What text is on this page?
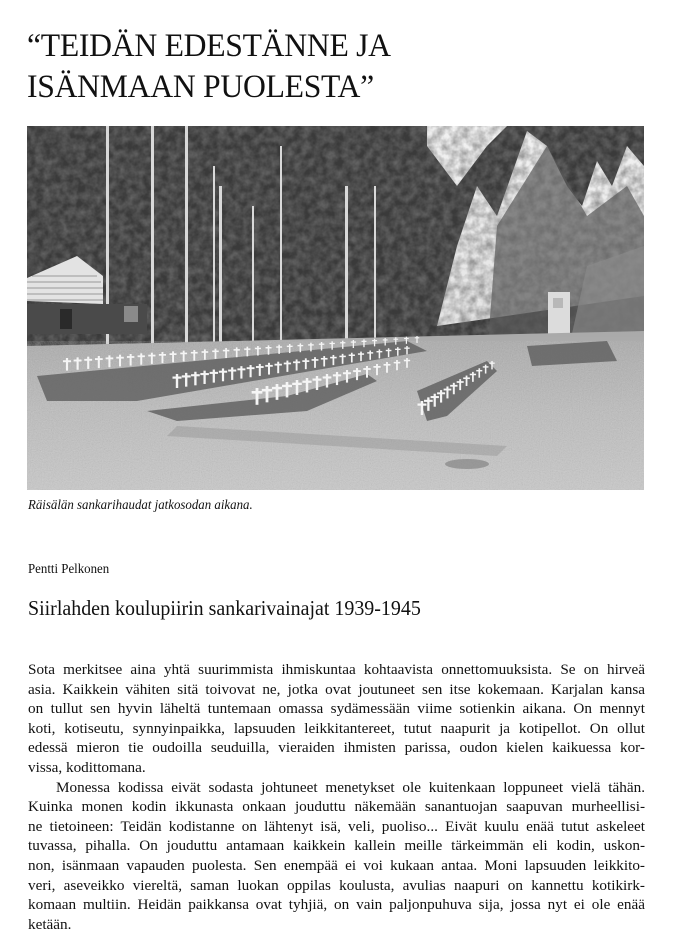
“TEIDÄN EDESTÄNNE JA
ISÄNMAAN PUOLESTA”

Räisälän sankarihaudat jatkosodan aikana.

Pentti Pelkonen

Siirlahden koulupiirin sankarivainajat 1939-1945

Sota merkitsee aina yhtä suurimmista ihmiskuntaa kohtaavista onnettomuuksista. Se on hirveä
asia. Kaikkein vähiten sitä toivovat ne, jotka ovat joutuneet sen itse kokemaan. Karjalan kansa
on tullut sen hyvin läheltä tuntemaan omassa sydämessään viime sotienkin aikana. On mennyt
koti, kotiseutu, synnyinpaikka, lapsuuden leikkitantereet, tutut naapurit ja kotipellot. On ollut
edessä mieron tie oudoilla seuduilla, vieraiden ihmisten parissa, oudon kielen kaikuessa kor-
vissa, kodittomana.

Monessa kodissa eivät sodasta johtuneet menetykset ole kuitenkaan loppuneet vielä tähän.
Kuinka monen kodin ikkunasta onkaan jouduttu näkemään sanantuojan saapuvan murheellisi-
ne tietoineen: Teidän kodistanne on lähtenyt isä, veli, puoliso... Eivät kuulu enää tutut askeleet
tuvassa, pihalla. On jouduttu antamaan kaikkein kallein meille tärkeimmän eli kodin, uskon-
non, isänmaan vapauden puolesta. Sen enempää ei voi kukaan antaa. Moni lapsuuden leikkito-
veri, aseveikko viereltä, saman luokan oppilas koulusta, avulias naapuri on kannettu kotikirk-
komaan multiin. Heidän paikkansa ovat tyhjiä, on vain paljonpuhuva sija, jossa nyt ei ole enää
ketään.
